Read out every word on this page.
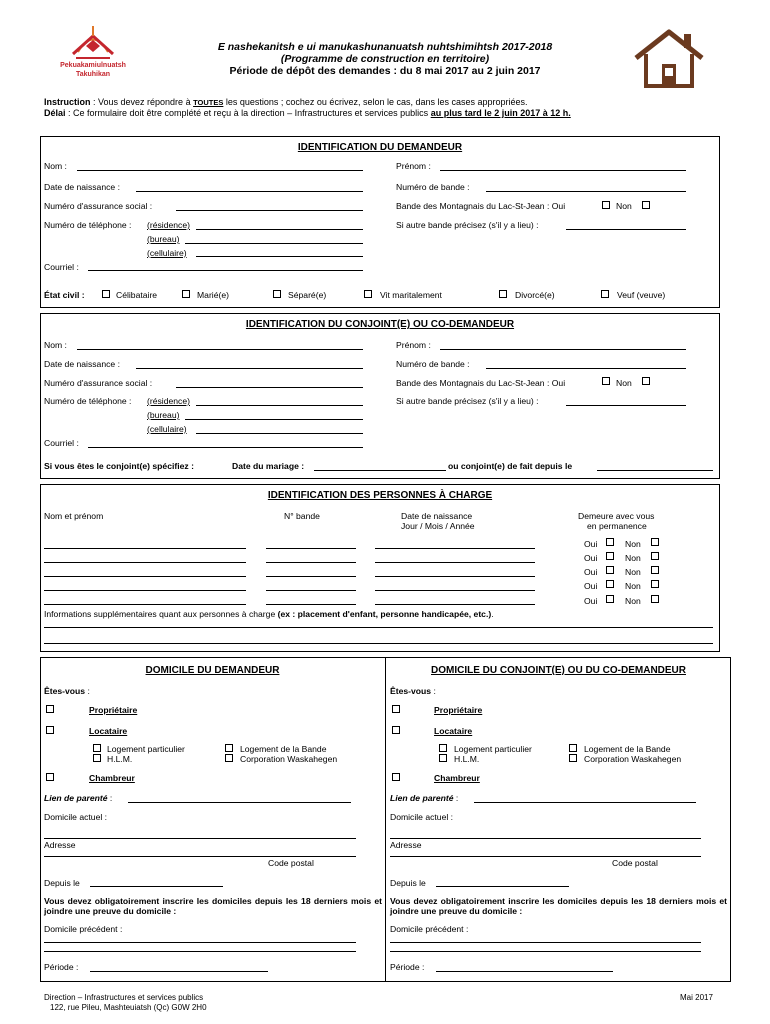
Pekuakamiulnuatsh
Takuhikan
E nashekanitsh e ui manukashunanuatsh nuhtshimihtsh 2017-2018
(Programme de construction en territoire)
Période de dépôt des demandes : du 8 mai 2017 au 2 juin 2017
Instruction : Vous devez répondre à TOUTES les questions ; cochez ou écrivez, selon le cas, dans les cases appropriées.
Délai : Ce formulaire doit être complété et reçu à la direction – Infrastructures et services publics au plus tard le 2 juin 2017 à 12 h.
IDENTIFICATION DU DEMANDEUR
Nom :	Prénom :
Date de naissance :	Numéro de bande :
Numéro d'assurance social :	Bande des Montagnais du Lac-St-Jean : Oui	Non
Numéro de téléphone : (résidence)	Si autre bande précisez (s'il y a lieu) :
(bureau)
(cellulaire)
Courriel :
État civil :	Célibataire	Marié(e)	Séparé(e)	Vit maritalement	Divorcé(e)	Veuf (veuve)
IDENTIFICATION DU CONJOINT(E) OU CO-DEMANDEUR
Nom :	Prénom :
Date de naissance :	Numéro de bande :
Numéro d'assurance social :	Bande des Montagnais du Lac-St-Jean : Oui	Non
Numéro de téléphone : (résidence)	Si autre bande précisez (s'il y a lieu) :
(bureau)
(cellulaire)
Courriel :
Si vous êtes le conjoint(e) spécifiez :	Date du mariage :	ou conjoint(e) de fait depuis le
IDENTIFICATION DES PERSONNES À CHARGE
Nom et prénom	N° bande	Date de naissance
Jour / Mois / Année
Demeure avec vous
en permanence
Oui	Non
Oui	Non
Oui	Non
Oui	Non
Oui	Non
Informations supplémentaires quant aux personnes à charge (ex : placement d'enfant, personne handicapée, etc.).
DOMICILE DU DEMANDEUR
Êtes-vous :
Propriétaire
Locataire
Logement particulier
H.L.M.
Logement de la Bande
Corporation Waskahegen
Chambreur
Lien de parenté :
Domicile actuel :
Adresse
Code postal
Depuis le
Vous devez obligatoirement inscrire les domiciles depuis les 18 derniers mois et joindre une preuve du domicile :
Domicile précédent :
Période :
DOMICILE DU CONJOINT(E) OU DU CO-DEMANDEUR
Êtes-vous :
Propriétaire
Locataire
Logement particulier
H.L.M.
Logement de la Bande
Corporation Waskahegen
Chambreur
Lien de parenté :
Domicile actuel :
Adresse
Code postal
Depuis le
Vous devez obligatoirement inscrire les domiciles depuis les 18 derniers mois et joindre une preuve du domicile :
Domicile précédent :
Période :
Direction – Infrastructures et services publics
122, rue Pileu, Mashteuiatsh (Qc) G0W 2H0
Mai 2017
